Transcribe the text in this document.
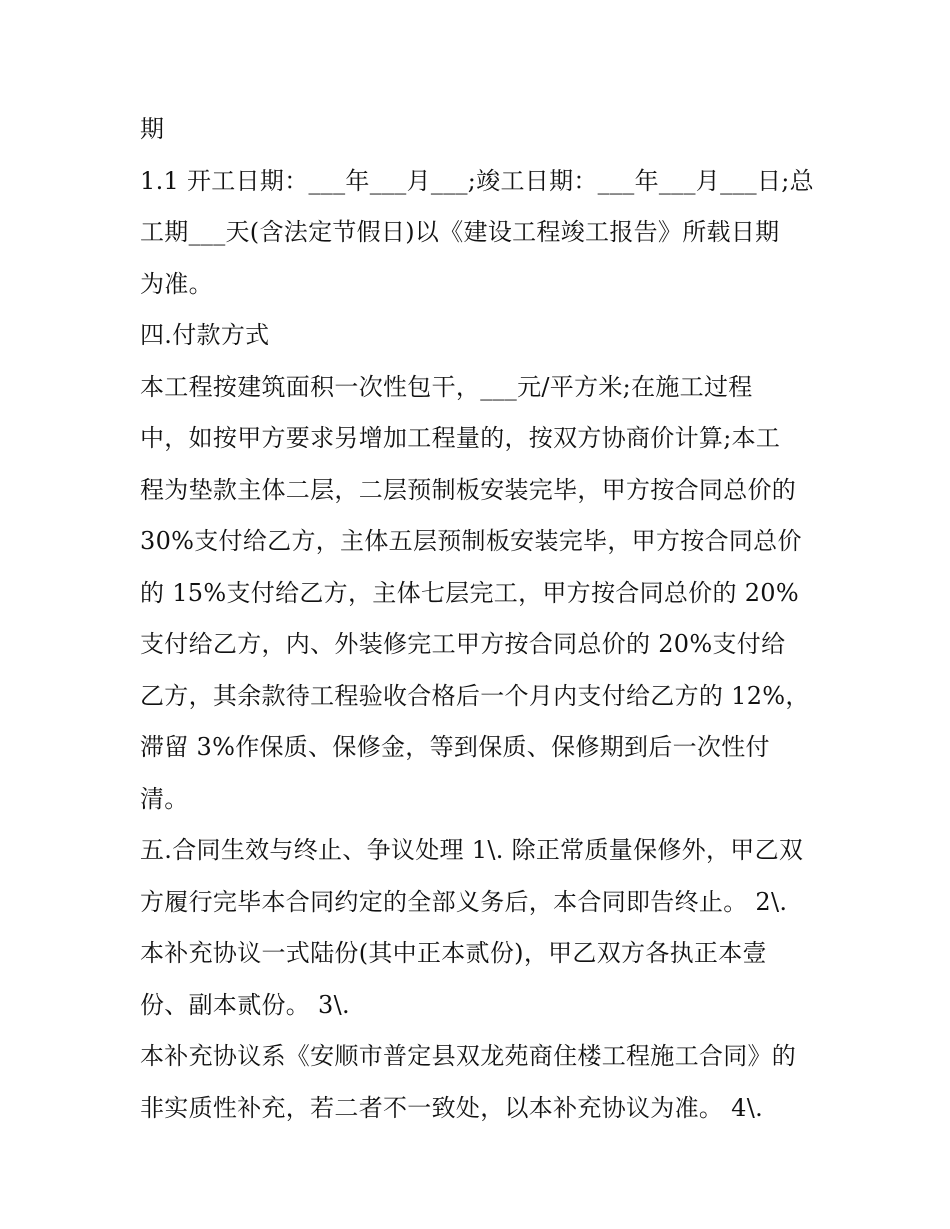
期
1.1 开工日期：___年___月___;竣工日期：___年___月___日;总
工期___天(含法定节假日)以《建设工程竣工报告》所载日期
为准。
四.付款方式
本工程按建筑面积一次性包干，___元/平方米;在施工过程
中，如按甲方要求另增加工程量的，按双方协商价计算;本工
程为垫款主体二层，二层预制板安装完毕，甲方按合同总价的
30%支付给乙方，主体五层预制板安装完毕，甲方按合同总价
的 15%支付给乙方，主体七层完工，甲方按合同总价的 20%
支付给乙方，内、外装修完工甲方按合同总价的 20%支付给
乙方，其余款待工程验收合格后一个月内支付给乙方的 12%，
滞留 3%作保质、保修金，等到保质、保修期到后一次性付
清。
五.合同生效与终止、争议处理 1\. 除正常质量保修外，甲乙双
方履行完毕本合同约定的全部义务后，本合同即告终止。 2\.
本补充协议一式陆份(其中正本贰份)，甲乙双方各执正本壹
份、副本贰份。 3\.
本补充协议系《安顺市普定县双龙苑商住楼工程施工合同》的
非实质性补充，若二者不一致处，以本补充协议为准。 4\.
